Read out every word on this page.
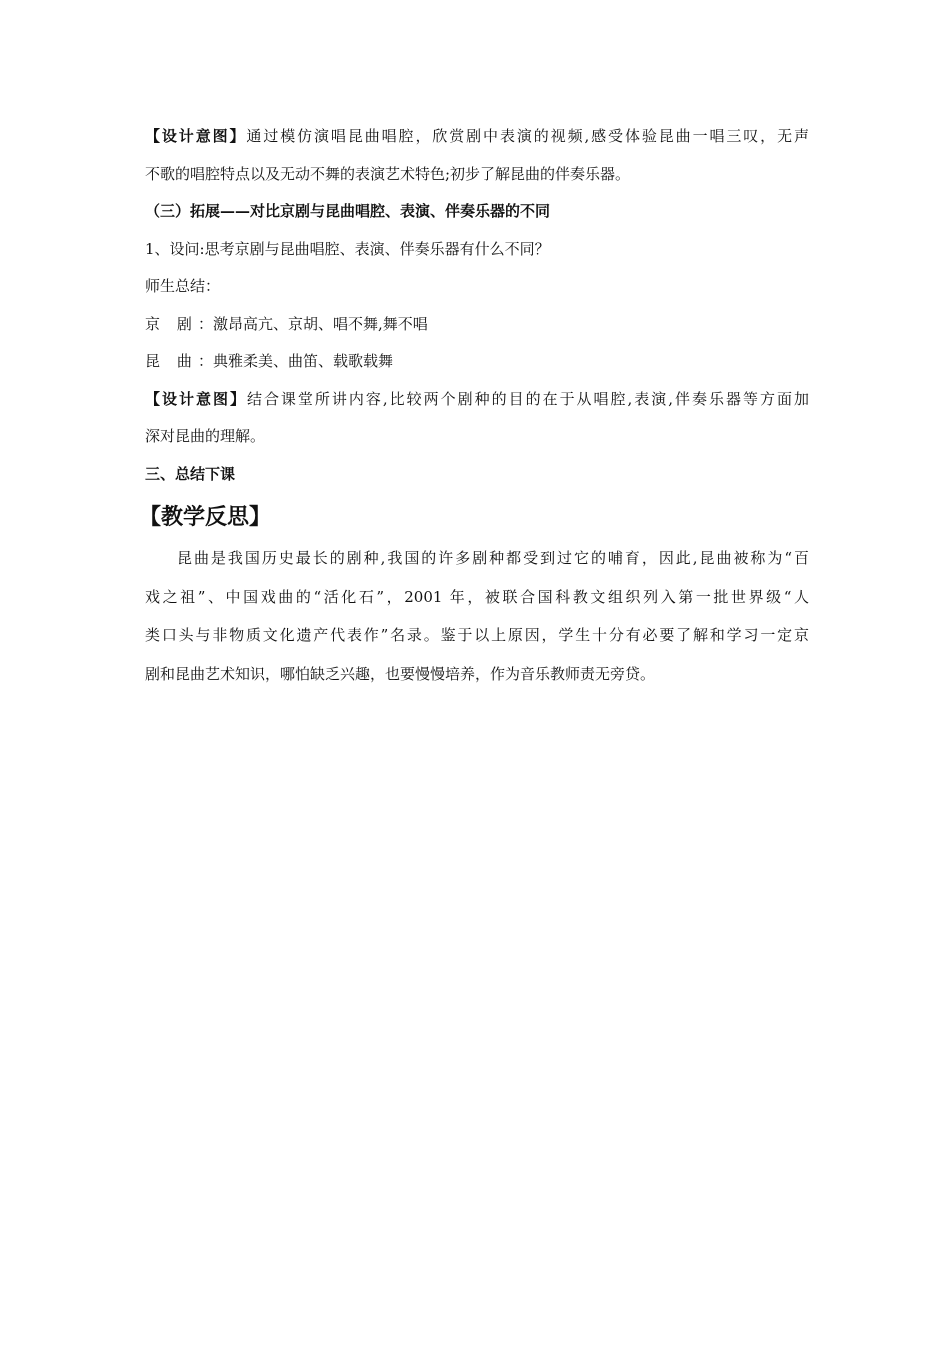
【设计意图】通过模仿演唱昆曲唱腔，欣赏剧中表演的视频,感受体验昆曲一唱三叹，无声
不歌的唱腔特点以及无动不舞的表演艺术特色;初步了解昆曲的伴奏乐器。
（三）拓展——对比京剧与昆曲唱腔、表演、伴奏乐器的不同
1、设问:思考京剧与昆曲唱腔、表演、伴奏乐器有什么不同？
师生总结：
京 剧： 激昂高亢、京胡、唱不舞,舞不唱
昆 曲： 典雅柔美、曲笛、载歌载舞
【设计意图】结合课堂所讲内容,比较两个剧种的目的在于从唱腔,表演,伴奏乐器等方面加
深对昆曲的理解。
三、总结下课
【教学反思】
昆曲是我国历史最长的剧种,我国的许多剧种都受到过它的哺育，因此,昆曲被称为“百
戏之祖”、中国戏曲的“活化石”，2001 年，被联合国科教文组织列入第一批世界级“人
类口头与非物质文化遗产代表作”名录。鉴于以上原因，学生十分有必要了解和学习一定京
剧和昆曲艺术知识，哪怕缺乏兴趣，也要慢慢培养，作为音乐教师责无旁贷。
